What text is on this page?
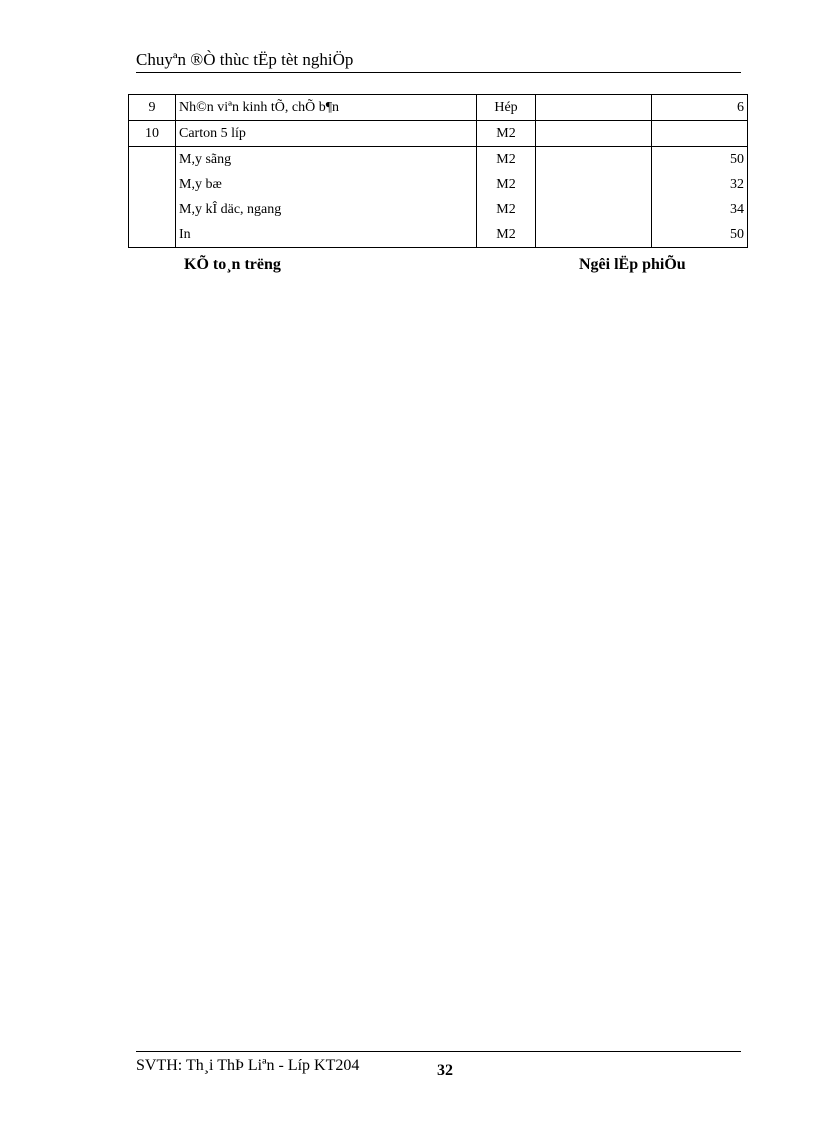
Chuyªn ®Ò thùc tËp tèt nghiÖp
9	Nh©n viªn kinh tÕ, chÕ b¶n	Hép		6
10	Carton 5 líp	M2		
	M,y sãng	M2		50
	M,y bæ	M2		32
	M,y kÎ däc, ngang	M2		34
	In	M2		50
KÕ to¸n trëng	Ngêi lËp phiÕu
SVTH: Th¸i ThÞ Liªn - Líp KT204	32
